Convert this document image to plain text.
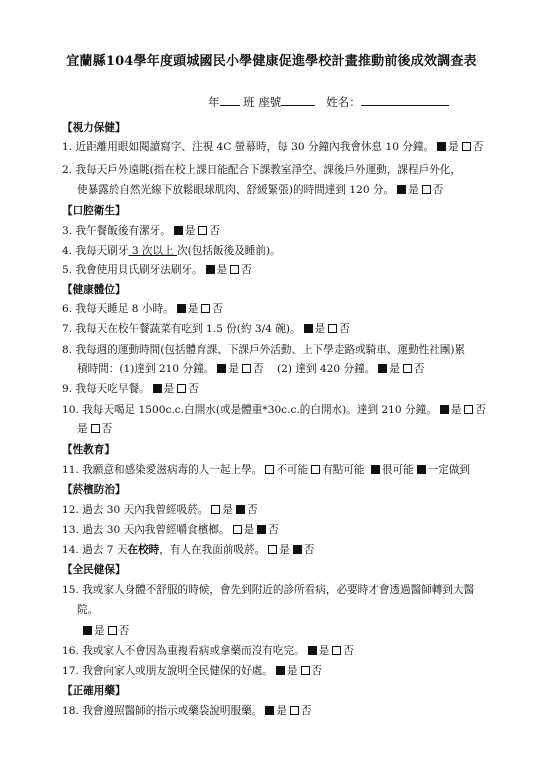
宜蘭縣104學年度頭城國民小學健康促進學校計畫推動前後成效調查表
年 班 座號	姓名：
【視力保健】
1. 近距離用眼如閱讀寫字、注視 4C 螢幕時，每 30 分鐘內我會休息 10 分鐘。 是 否
2. 我每天戶外遠眺(指在校上課日能配合下課教室淨空、課後戶外運動，課程戶外化，
使暴露於自然光線下放鬆眼球肌肉、舒緩緊張)的時間達到 120 分。 是 否
【口腔衛生】
3. 我午餐飯後有潔牙。 是 否
4. 我每天刷牙 3 次以上 次(包括飯後及睡前)。
5. 我會使用貝氏刷牙法刷牙。 是 否
【健康體位】
6. 我每天睡足 8 小時。 是 否
7. 我每天在校午餐蔬菜有吃到 1.5 份(約 3/4 碗)。 是 否
8. 我每週的運動時間(包括體育課、下課戶外活動、上下學走路或騎車、運動性社團)累
積時間：(1)達到 210 分鐘。 是 否 (2) 達到 420 分鐘。 是 否
9. 我每天吃早餐。 是 否
10. 我每天喝足 1500c.c.白開水(或是體重*30c.c.的白開水)。達到 210 分鐘。 是 否
是 否
【性教育】
11. 我願意和感染愛滋病毒的人一起上學。 不可能 有點可能 很可能 一定做到
【菸檳防治】
12. 過去 30 天內我曾經吸菸。 是 否
13. 過去 30 天內我曾經嚼食檳榔。 是 否
14. 過去 7 天在校時，有人在我面前吸菸。 是 否
【全民健保】
15. 我或家人身體不舒服的時候，會先到附近的診所看病，必要時才會透過醫師轉到大醫
院。
是 否
16. 我或家人不會因為重複看病或拿藥而沒有吃完。 是 否
17. 我會向家人或朋友說明全民健保的好處。 是 否
【正確用藥】
18. 我會遵照醫師的指示或藥袋說明服藥。 是 否
